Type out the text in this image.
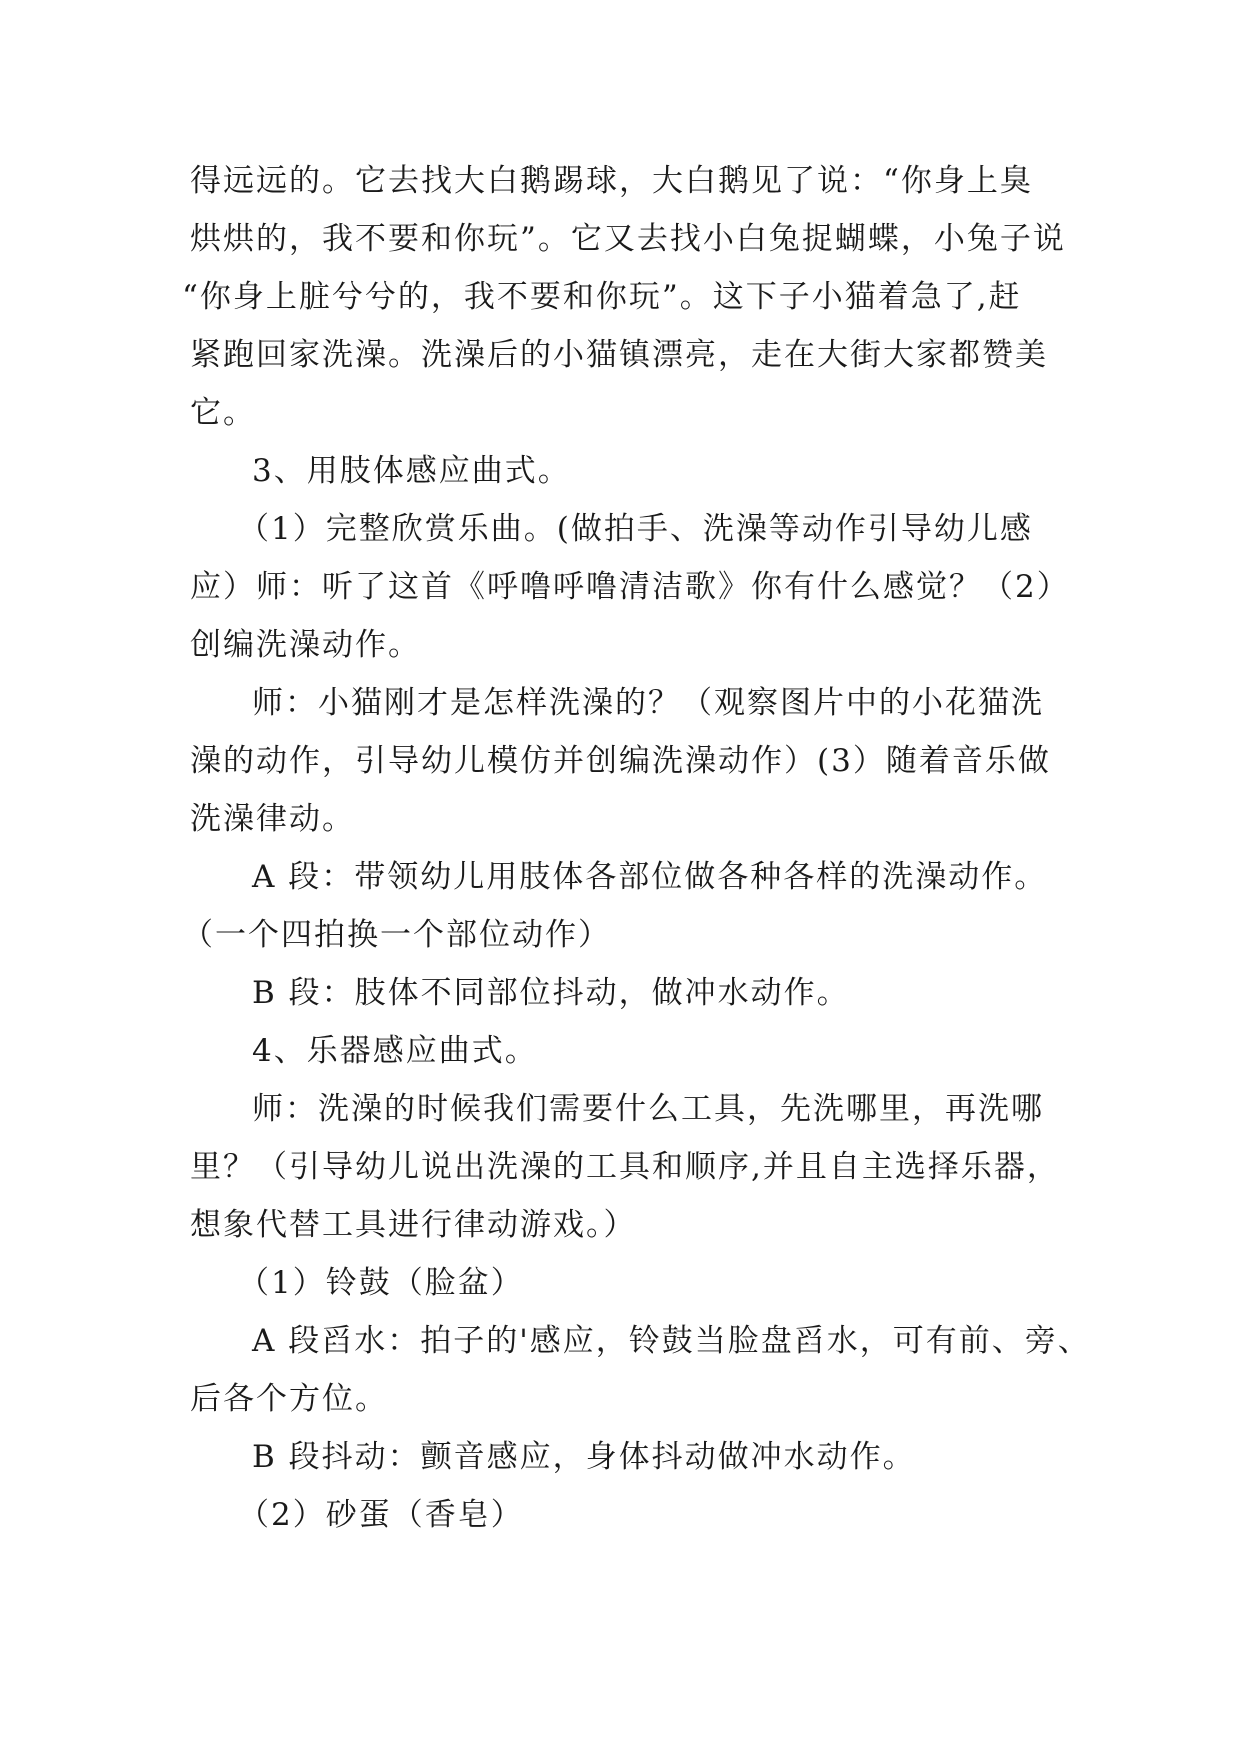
得远远的。它去找大白鹅踢球，大白鹅见了说：“你身上臭
烘烘的，我不要和你玩”。它又去找小白兔捉蝴蝶，小兔子说
“你身上脏兮兮的，我不要和你玩”。这下子小猫着急了,赶
紧跑回家洗澡。洗澡后的小猫镇漂亮，走在大街大家都赞美
它。
3、用肢体感应曲式。
（1）完整欣赏乐曲。(做拍手、洗澡等动作引导幼儿感
应）师：听了这首《呼噜呼噜清洁歌》你有什么感觉？（2）
创编洗澡动作。
师：小猫刚才是怎样洗澡的？（观察图片中的小花猫洗
澡的动作，引导幼儿模仿并创编洗澡动作）(3）随着音乐做
洗澡律动。
A 段：带领幼儿用肢体各部位做各种各样的洗澡动作。
（一个四拍换一个部位动作）
B 段：肢体不同部位抖动，做冲水动作。
4、乐器感应曲式。
师：洗澡的时候我们需要什么工具，先洗哪里，再洗哪
里？（引导幼儿说出洗澡的工具和顺序,并且自主选择乐器，
想象代替工具进行律动游戏。）
（1）铃鼓（脸盆）
A 段舀水：拍子的'感应，铃鼓当脸盘舀水，可有前、旁、
后各个方位。
B 段抖动：颤音感应，身体抖动做冲水动作。
（2）砂蛋（香皂）
